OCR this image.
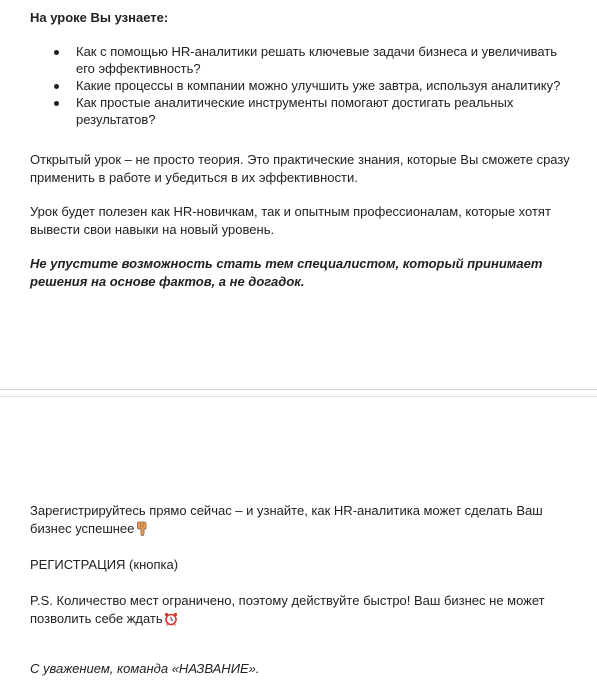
На уроке Вы узнаете:
Как с помощью HR-аналитики решать ключевые задачи бизнеса и увеличивать его эффективность?
Какие процессы в компании можно улучшить уже завтра, используя аналитику?
Как простые аналитические инструменты помогают достигать реальных результатов?
Открытый урок – не просто теория. Это практические знания, которые Вы сможете сразу применить в работе и убедиться в их эффективности.
Урок будет полезен как HR-новичкам, так и опытным профессионалам, которые хотят вывести свои навыки на новый уровень.
Не упустите возможность стать тем специалистом, который принимает решения на основе фактов, а не догадок.
Зарегистрируйтесь прямо сейчас – и узнайте, как HR-аналитика может сделать Ваш бизнес успешнее
РЕГИСТРАЦИЯ (кнопка)
P.S. Количество мест ограничено, поэтому действуйте быстро! Ваш бизнес не может позволить себе ждать
С уважением, команда «НАЗВАНИЕ».
